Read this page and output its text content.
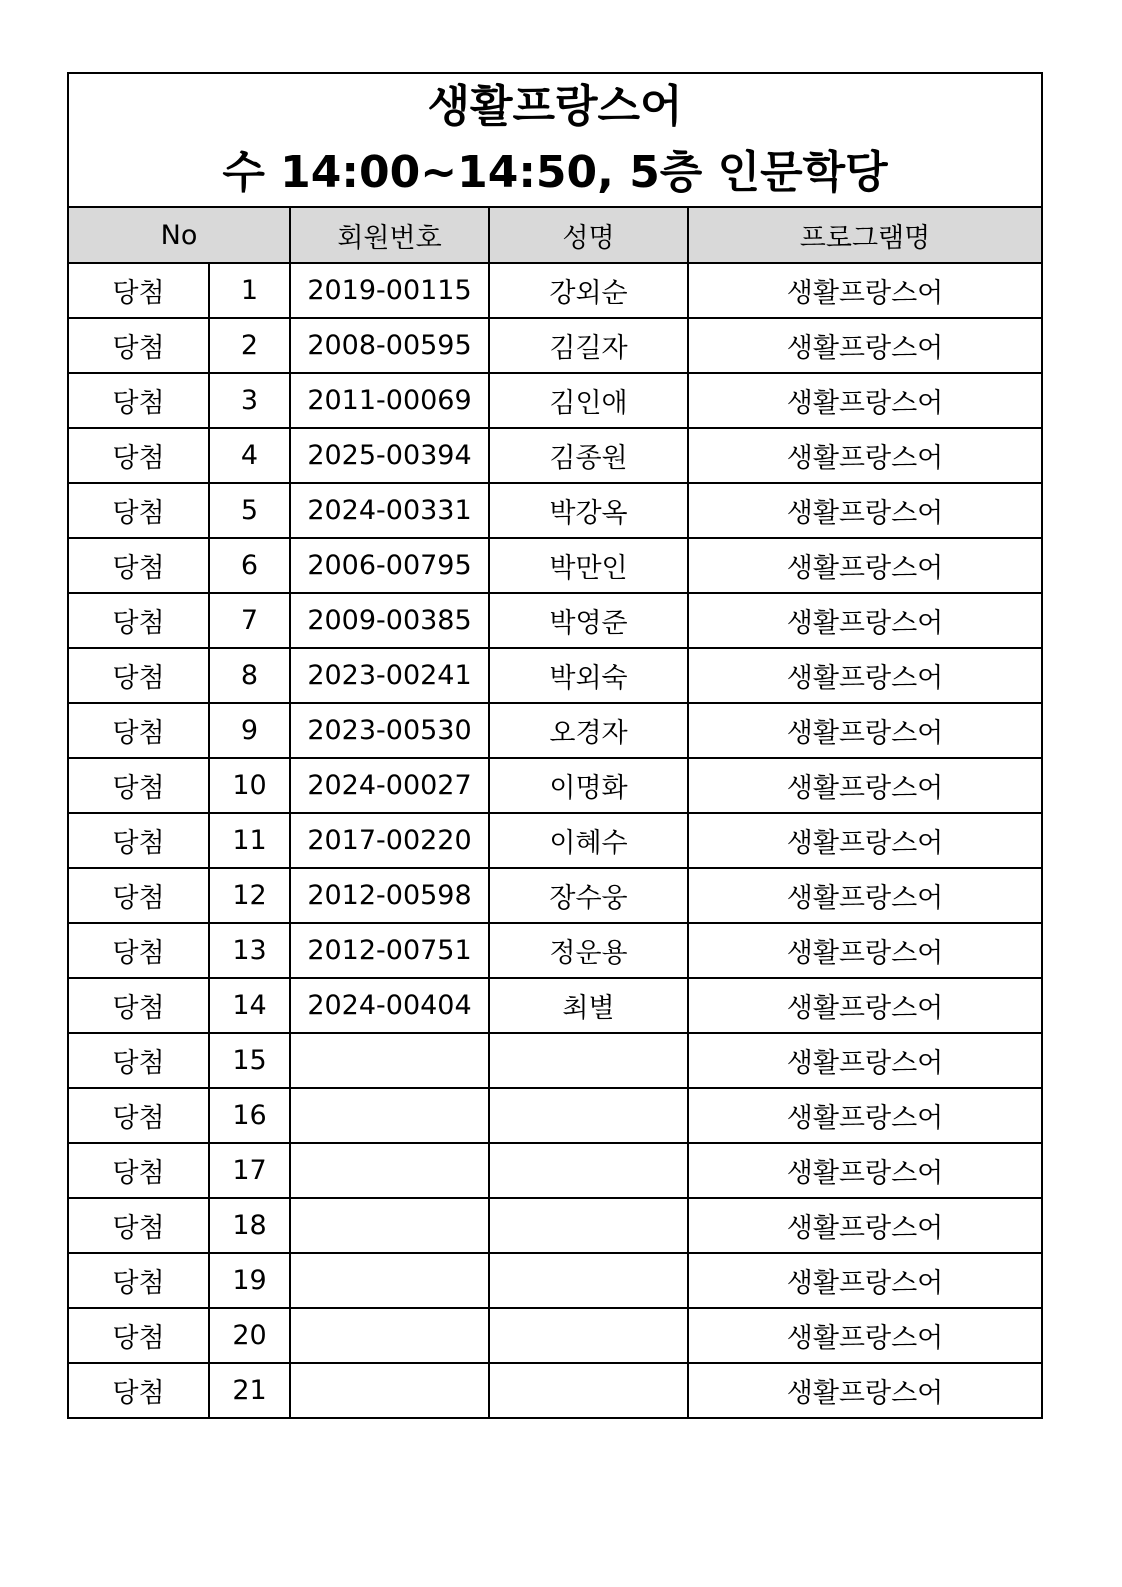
생활프랑스어
수 14:00~14:50, 5층 인문학당				

No		회원번호	성명	프로그램명
당첨	1	2019-00115	강외순	생활프랑스어
당첨	2	2008-00595	김길자	생활프랑스어
당첨	3	2011-00069	김인애	생활프랑스어
당첨	4	2025-00394	김종원	생활프랑스어
당첨	5	2024-00331	박강옥	생활프랑스어
당첨	6	2006-00795	박만인	생활프랑스어
당첨	7	2009-00385	박영준	생활프랑스어
당첨	8	2023-00241	박외숙	생활프랑스어
당첨	9	2023-00530	오경자	생활프랑스어
당첨	10	2024-00027	이명화	생활프랑스어
당첨	11	2017-00220	이혜수	생활프랑스어
당첨	12	2012-00598	장수웅	생활프랑스어
당첨	13	2012-00751	정운용	생활프랑스어
당첨	14	2024-00404	최별	생활프랑스어
당첨	15			생활프랑스어
당첨	16			생활프랑스어
당첨	17			생활프랑스어
당첨	18			생활프랑스어
당첨	19			생활프랑스어
당첨	20			생활프랑스어
당첨	21			생활프랑스어
